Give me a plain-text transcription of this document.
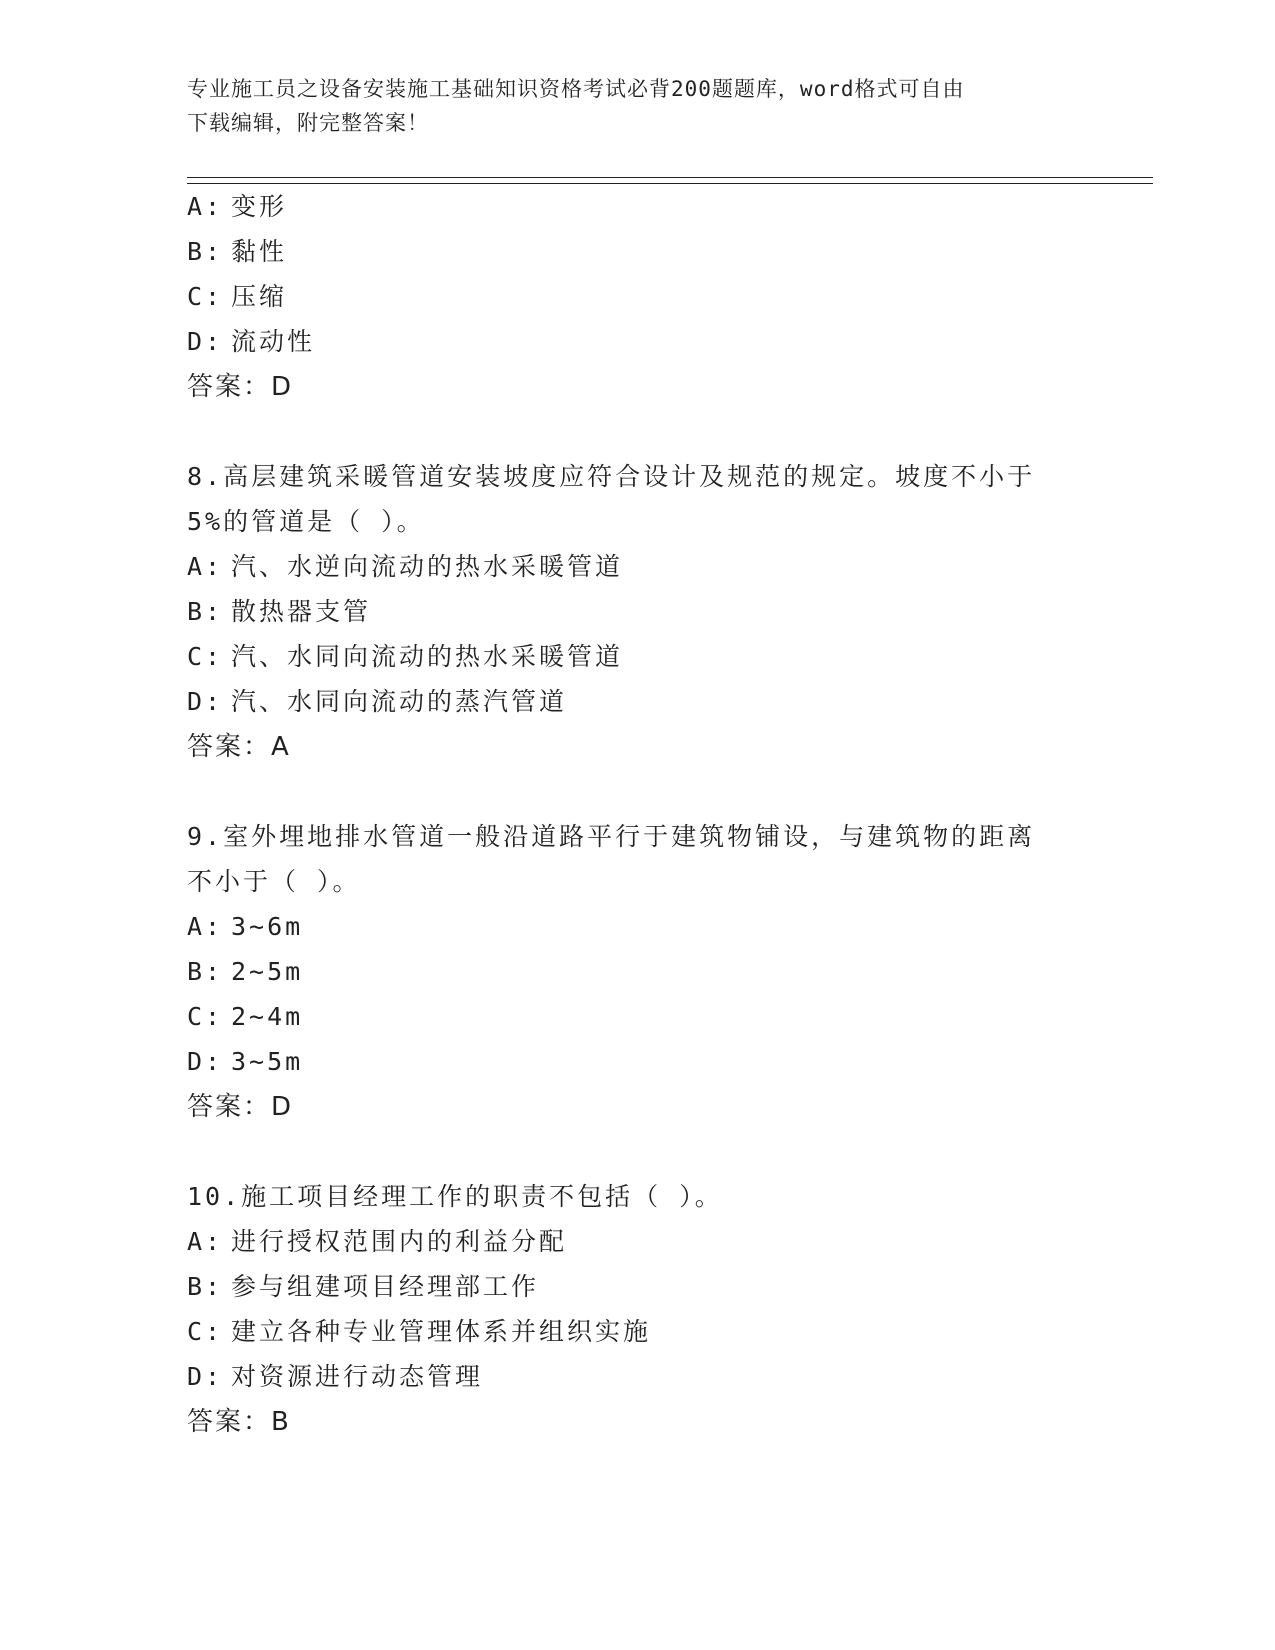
专业施工员之设备安装施工基础知识资格考试必背200题题库，word格式可自由
下载编辑，附完整答案！
A: 变形
B: 黏性
C: 压缩
D: 流动性
答案：D
8.高层建筑采暖管道安装坡度应符合设计及规范的规定。坡度不小于
5%的管道是（ ）。
A: 汽、水逆向流动的热水采暖管道
B: 散热器支管
C: 汽、水同向流动的热水采暖管道
D: 汽、水同向流动的蒸汽管道
答案：A
9.室外埋地排水管道一般沿道路平行于建筑物铺设，与建筑物的距离
不小于（ ）。
A: 3~6m
B: 2~5m
C: 2~4m
D: 3~5m
答案：D
10.施工项目经理工作的职责不包括（ ）。
A: 进行授权范围内的利益分配
B: 参与组建项目经理部工作
C: 建立各种专业管理体系并组织实施
D: 对资源进行动态管理
答案：B
